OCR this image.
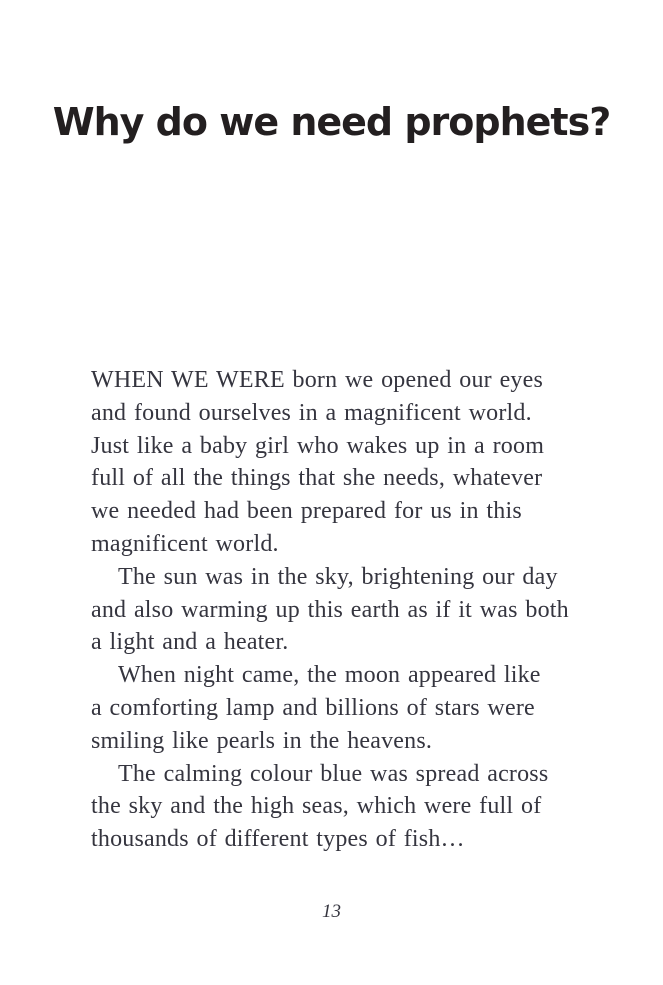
Why do we need prophets?

WHEN WE WERE born we opened our eyes
and found ourselves in a magnificent world.
Just like a baby girl who wakes up in a room
full of all the things that she needs, whatever
we needed had been prepared for us in this
magnificent world.

The sun was in the sky, brightening our day
and also warming up this earth as if it was both
a light and a heater.

When night came, the moon appeared like
a comforting lamp and billions of stars were
smiling like pearls in the heavens.

The calming colour blue was spread across
the sky and the high seas, which were full of
thousands of different types of fish…

13
